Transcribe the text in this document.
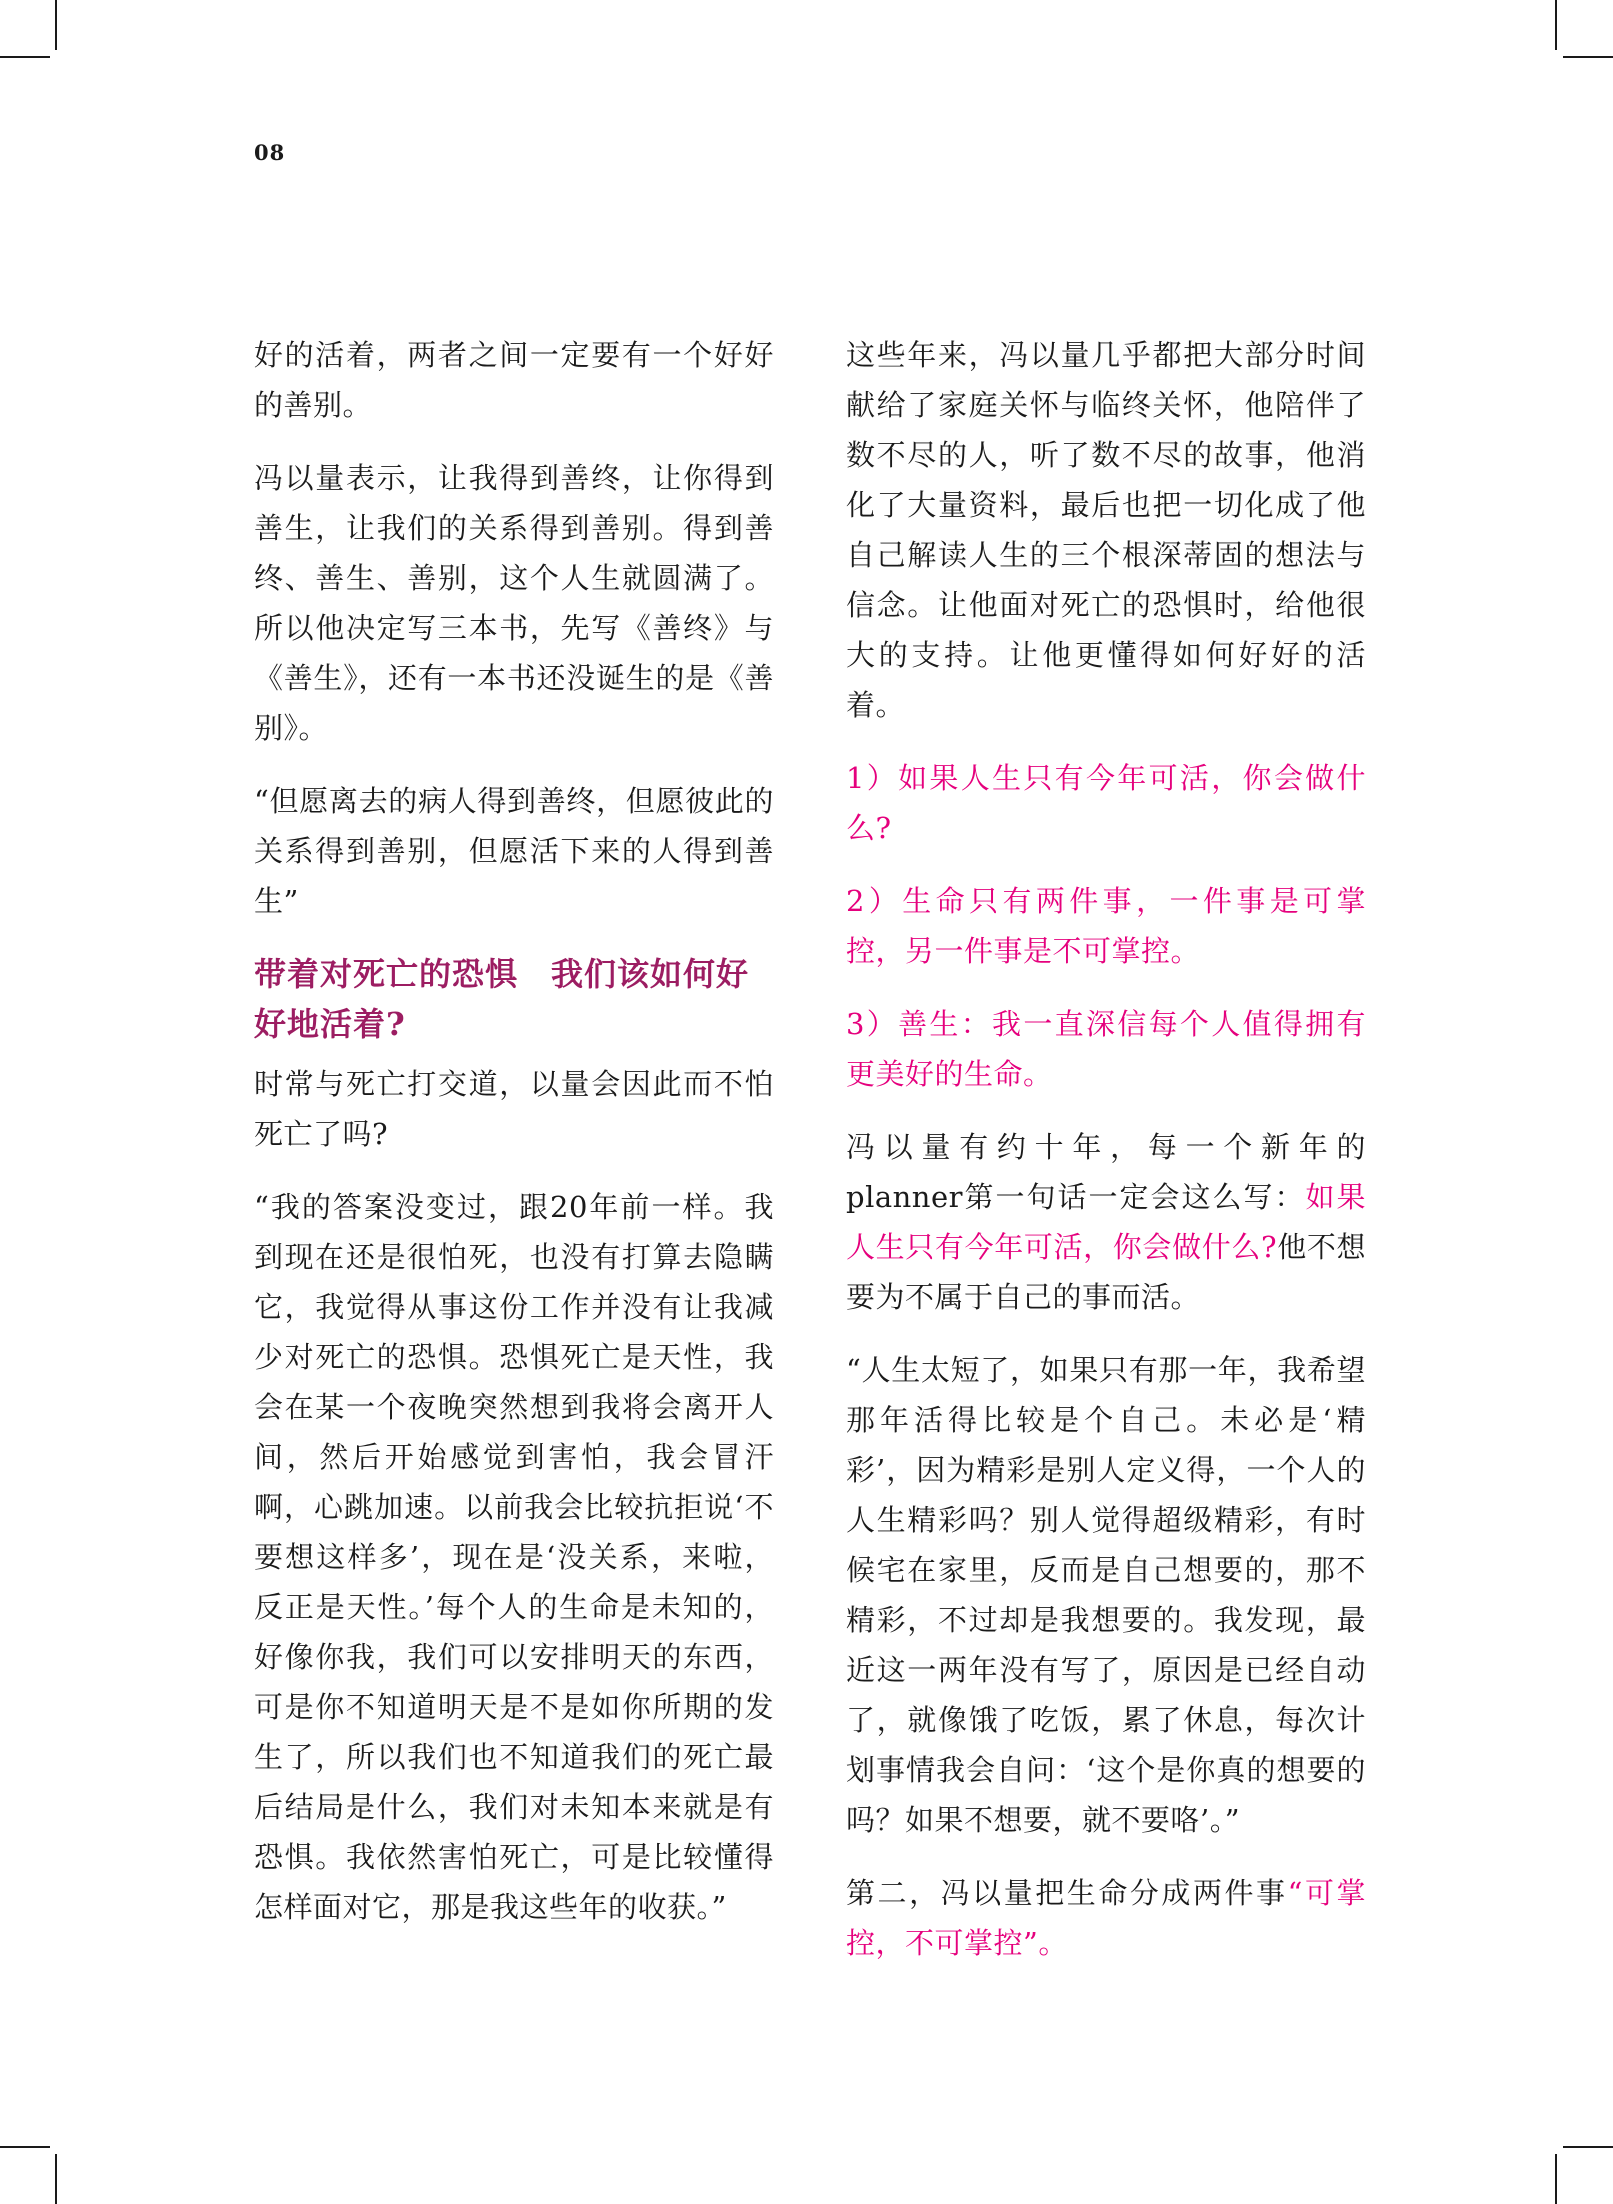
08

好的活着，两者之间一定要有一个好好的善别。

冯以量表示，让我得到善终，让你得到善生，让我们的关系得到善别。得到善终、善生、善别，这个人生就圆满了。所以他决定写三本书，先写《善终》与《善生》，还有一本书还没诞生的是《善别》。

“但愿离去的病人得到善终，但愿彼此的关系得到善别，但愿活下来的人得到善生”

带着对死亡的恐惧　我们该如何好好地活着?

时常与死亡打交道，以量会因此而不怕死亡了吗?

“我的答案没变过，跟20年前一样。我到现在还是很怕死，也没有打算去隐瞒它，我觉得从事这份工作并没有让我减少对死亡的恐惧。恐惧死亡是天性，我会在某一个夜晚突然想到我将会离开人间，然后开始感觉到害怕，我会冒汗啊，心跳加速。以前我会比较抗拒说‘不要想这样多’，现在是‘没关系，来啦，反正是天性。’每个人的生命是未知的，好像你我，我们可以安排明天的东西，可是你不知道明天是不是如你所期的发生了，所以我们也不知道我们的死亡最后结局是什么，我们对未知本来就是有恐惧。我依然害怕死亡，可是比较懂得怎样面对它，那是我这些年的收获。”

这些年来，冯以量几乎都把大部分时间献给了家庭关怀与临终关怀，他陪伴了数不尽的人，听了数不尽的故事，他消化了大量资料，最后也把一切化成了他自己解读人生的三个根深蒂固的想法与信念。让他面对死亡的恐惧时，给他很大的支持。让他更懂得如何好好的活着。

1）如果人生只有今年可活，你会做什么?

2）生命只有两件事，一件事是可掌控，另一件事是不可掌控。

3）善生：我一直深信每个人值得拥有更美好的生命。

冯以量有约十年，每一个新年的planner第一句话一定会这么写：如果人生只有今年可活，你会做什么?他不想要为不属于自己的事而活。

“人生太短了，如果只有那一年，我希望那年活得比较是个自己。未必是‘精彩’，因为精彩是别人定义得，一个人的人生精彩吗？别人觉得超级精彩，有时候宅在家里，反而是自己想要的，那不精彩，不过却是我想要的。我发现，最近这一两年没有写了，原因是已经自动了，就像饿了吃饭，累了休息，每次计划事情我会自问：‘这个是你真的想要的吗？如果不想要，就不要咯’。”

第二，冯以量把生命分成两件事“可掌控，不可掌控”。
